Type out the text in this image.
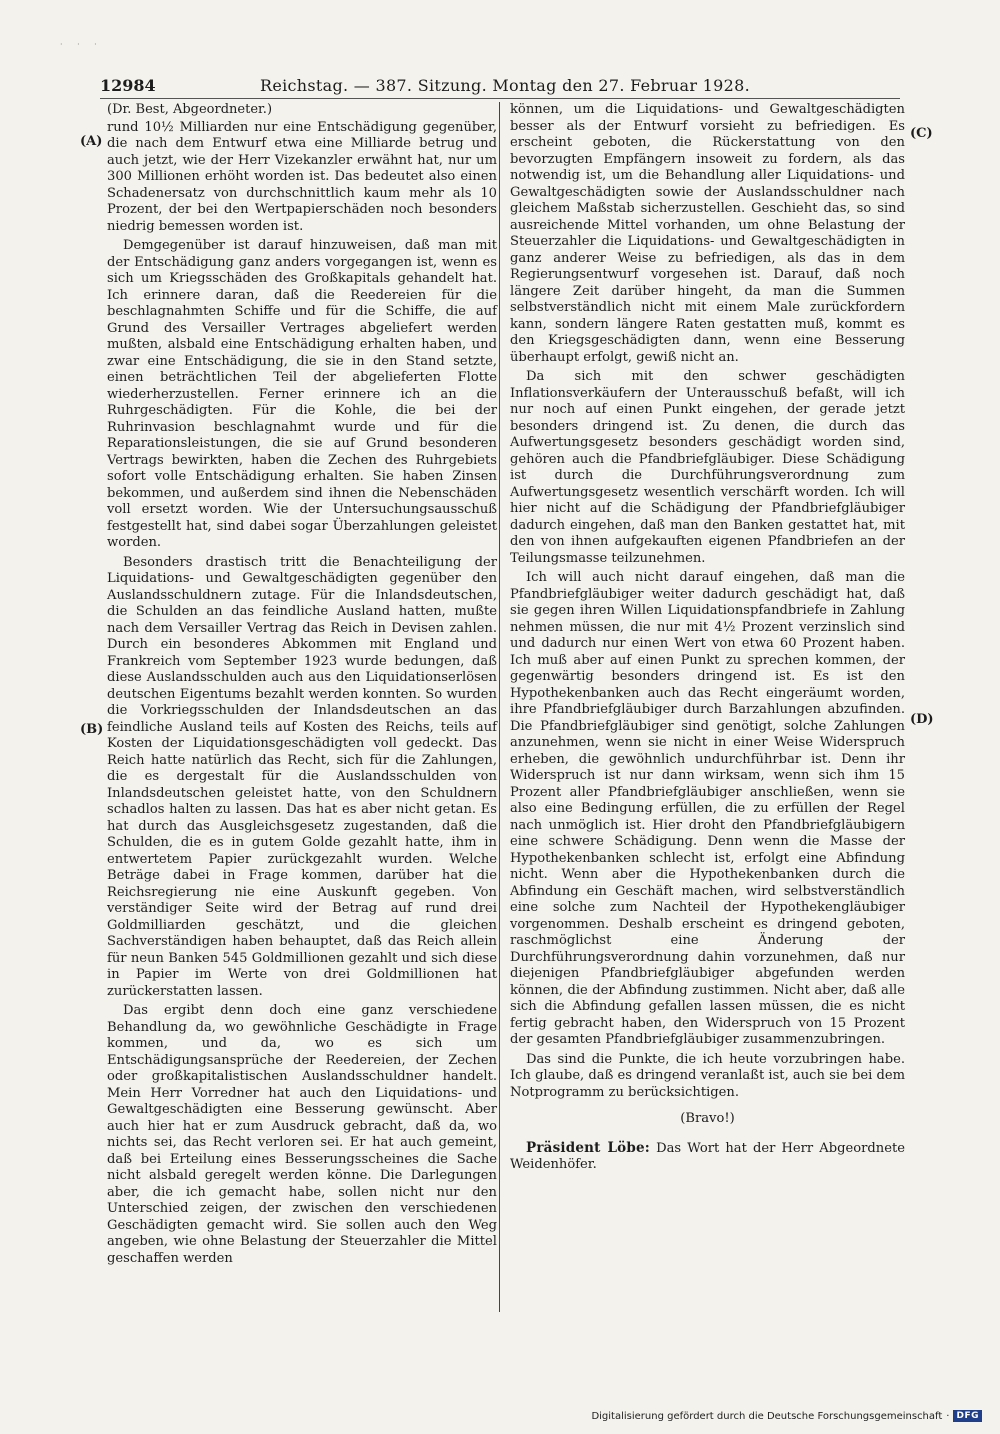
· · ·
12984	Reichstag. — 387. Sitzung. Montag den 27. Februar 1928.
(A)
(B)
(C)
(D)
(Dr. Best, Abgeordneter.)

rund 10½ Milliarden nur eine Entschädigung gegenüber, die nach dem Entwurf etwa eine Milliarde betrug und auch jetzt, wie der Herr Vizekanzler erwähnt hat, nur um 300 Millionen erhöht worden ist. Das bedeutet also einen Schadenersatz von durchschnittlich kaum mehr als 10 Prozent, der bei den Wertpapierschäden noch besonders niedrig bemessen worden ist.

Demgegenüber ist darauf hinzuweisen, daß man mit der Entschädigung ganz anders vorgegangen ist, wenn es sich um Kriegsschäden des Großkapitals gehandelt hat. Ich erinnere daran, daß die Reedereien für die beschlagnahmten Schiffe und für die Schiffe, die auf Grund des Versailler Vertrages abgeliefert werden mußten, alsbald eine Entschädigung erhalten haben, und zwar eine Entschädigung, die sie in den Stand setzte, einen beträchtlichen Teil der abgelieferten Flotte wiederherzustellen. Ferner erinnere ich an die Ruhrgeschädigten. Für die Kohle, die bei der Ruhrinvasion beschlagnahmt wurde und für die Reparationsleistungen, die sie auf Grund besonderen Vertrags bewirkten, haben die Zechen des Ruhrgebiets sofort volle Entschädigung erhalten. Sie haben Zinsen bekommen, und außerdem sind ihnen die Nebenschäden voll ersetzt worden. Wie der Untersuchungsausschuß festgestellt hat, sind dabei sogar Überzahlungen geleistet worden.

Besonders drastisch tritt die Benachteiligung der Liquidations- und Gewaltgeschädigten gegenüber den Auslandsschuldnern zutage. Für die Inlandsdeutschen, die Schulden an das feindliche Ausland hatten, mußte nach dem Versailler Vertrag das Reich in Devisen zahlen. Durch ein besonderes Abkommen mit England und Frankreich vom September 1923 wurde bedungen, daß diese Auslandsschulden auch aus den Liquidationserlösen deutschen Eigentums bezahlt werden konnten. So wurden die Vorkriegsschulden der Inlandsdeutschen an das feindliche Ausland teils auf Kosten des Reichs, teils auf Kosten der Liquidationsgeschädigten voll gedeckt. Das Reich hatte natürlich das Recht, sich für die Zahlungen, die es dergestalt für die Auslandsschulden von Inlandsdeutschen geleistet hatte, von den Schuldnern schadlos halten zu lassen. Das hat es aber nicht getan. Es hat durch das Ausgleichsgesetz zugestanden, daß die Schulden, die es in gutem Golde gezahlt hatte, ihm in entwertetem Papier zurückgezahlt wurden. Welche Beträge dabei in Frage kommen, darüber hat die Reichsregierung nie eine Auskunft gegeben. Von verständiger Seite wird der Betrag auf rund drei Goldmilliarden geschätzt, und die gleichen Sachverständigen haben behauptet, daß das Reich allein für neun Banken 545 Goldmillionen gezahlt und sich diese in Papier im Werte von drei Goldmillionen hat zurückerstatten lassen.

Das ergibt denn doch eine ganz verschiedene Behandlung da, wo gewöhnliche Geschädigte in Frage kommen, und da, wo es sich um Entschädigungsansprüche der Reedereien, der Zechen oder großkapitalistischen Auslandsschuldner handelt. Mein Herr Vorredner hat auch den Liquidations- und Gewaltgeschädigten eine Besserung gewünscht. Aber auch hier hat er zum Ausdruck gebracht, daß da, wo nichts sei, das Recht verloren sei. Er hat auch gemeint, daß bei Erteilung eines Besserungsscheines die Sache nicht alsbald geregelt werden könne. Die Darlegungen aber, die ich gemacht habe, sollen nicht nur den Unterschied zeigen, der zwischen den verschiedenen Geschädigten gemacht wird. Sie sollen auch den Weg angeben, wie ohne Belastung der Steuerzahler die Mittel geschaffen werden

können, um die Liquidations- und Gewaltgeschädigten besser als der Entwurf vorsieht zu befriedigen. Es erscheint geboten, die Rückerstattung von den bevorzugten Empfängern insoweit zu fordern, als das notwendig ist, um die Behandlung aller Liquidations- und Gewaltgeschädigten sowie der Auslandsschuldner nach gleichem Maßstab sicherzustellen. Geschieht das, so sind ausreichende Mittel vorhanden, um ohne Belastung der Steuerzahler die Liquidations- und Gewaltgeschädigten in ganz anderer Weise zu befriedigen, als das in dem Regierungsentwurf vorgesehen ist. Darauf, daß noch längere Zeit darüber hingeht, da man die Summen selbstverständlich nicht mit einem Male zurückfordern kann, sondern längere Raten gestatten muß, kommt es den Kriegsgeschädigten dann, wenn eine Besserung überhaupt erfolgt, gewiß nicht an.

Da sich mit den schwer geschädigten Inflationsverkäufern der Unterausschuß befaßt, will ich nur noch auf einen Punkt eingehen, der gerade jetzt besonders dringend ist. Zu denen, die durch das Aufwertungsgesetz besonders geschädigt worden sind, gehören auch die Pfandbriefgläubiger. Diese Schädigung ist durch die Durchführungsverordnung zum Aufwertungsgesetz wesentlich verschärft worden. Ich will hier nicht auf die Schädigung der Pfandbriefgläubiger dadurch eingehen, daß man den Banken gestattet hat, mit den von ihnen aufgekauften eigenen Pfandbriefen an der Teilungsmasse teilzunehmen.

Ich will auch nicht darauf eingehen, daß man die Pfandbriefgläubiger weiter dadurch geschädigt hat, daß sie gegen ihren Willen Liquidationspfandbriefe in Zahlung nehmen müssen, die nur mit 4½ Prozent verzinslich sind und dadurch nur einen Wert von etwa 60 Prozent haben. Ich muß aber auf einen Punkt zu sprechen kommen, der gegenwärtig besonders dringend ist. Es ist den Hypothekenbanken auch das Recht eingeräumt worden, ihre Pfandbriefgläubiger durch Barzahlungen abzufinden. Die Pfandbriefgläubiger sind genötigt, solche Zahlungen anzunehmen, wenn sie nicht in einer Weise Widerspruch erheben, die gewöhnlich undurchführbar ist. Denn ihr Widerspruch ist nur dann wirksam, wenn sich ihm 15 Prozent aller Pfandbriefgläubiger anschließen, wenn sie also eine Bedingung erfüllen, die zu erfüllen der Regel nach unmöglich ist. Hier droht den Pfandbriefgläubigern eine schwere Schädigung. Denn wenn die Masse der Hypothekenbanken schlecht ist, erfolgt eine Abfindung nicht. Wenn aber die Hypothekenbanken durch die Abfindung ein Geschäft machen, wird selbstverständlich eine solche zum Nachteil der Hypothekengläubiger vorgenommen. Deshalb erscheint es dringend geboten, raschmöglichst eine Änderung der Durchführungsverordnung dahin vorzunehmen, daß nur diejenigen Pfandbriefgläubiger abgefunden werden können, die der Abfindung zustimmen. Nicht aber, daß alle sich die Abfindung gefallen lassen müssen, die es nicht fertig gebracht haben, den Widerspruch von 15 Prozent der gesamten Pfandbriefgläubiger zusammenzubringen.

Das sind die Punkte, die ich heute vorzubringen habe. Ich glaube, daß es dringend veranlaßt ist, auch sie bei dem Notprogramm zu berücksichtigen.

(Bravo!)

Präsident Löbe: Das Wort hat der Herr Abgeordnete Weidenhöfer.

Digitalisierung gefördert durch die Deutsche Forschungsgemeinschaft · DFG
